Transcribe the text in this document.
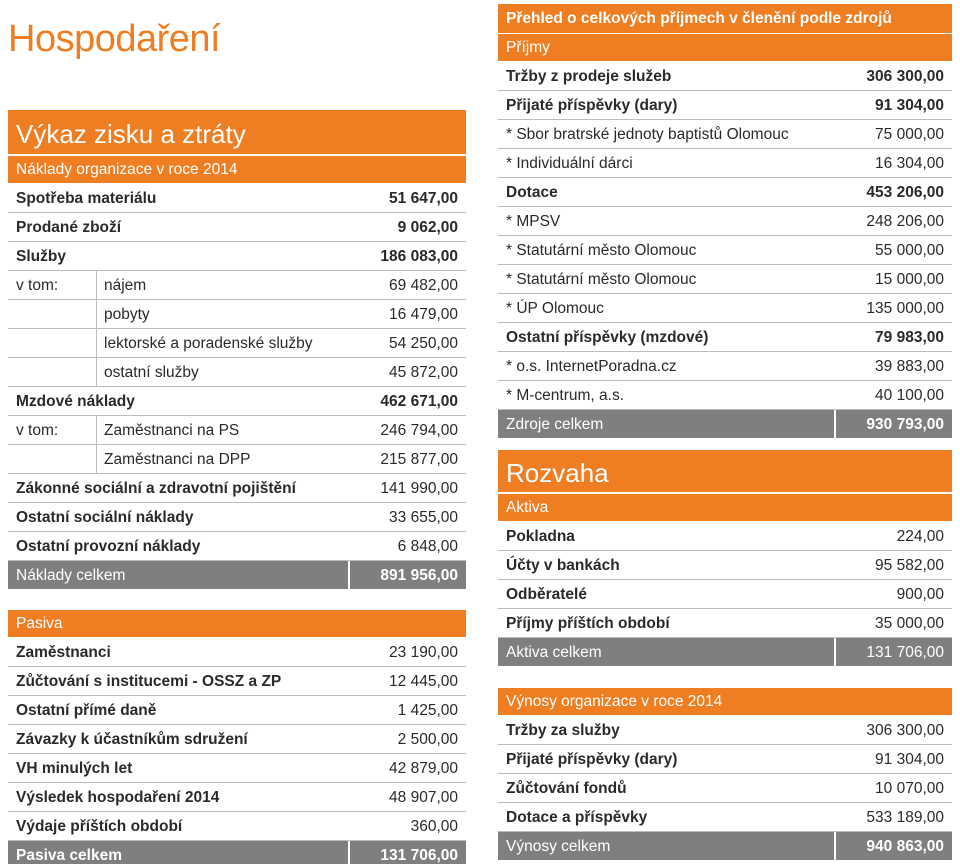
Hospodaření
Výkaz zisku a ztráty
Náklady organizace v roce 2014
Spotřeba materiálu	51 647,00
Prodané zboží	9 062,00
Služby	186 083,00
v tom:	nájem	69 482,00
pobyty	16 479,00
lektorské a poradenské služby	54 250,00
ostatní služby	45 872,00
Mzdové náklady	462 671,00
v tom:	Zaměstnanci na PS	246 794,00
Zaměstnanci na DPP	215 877,00
Zákonné sociální a zdravotní pojištění	141 990,00
Ostatní sociální náklady	33 655,00
Ostatní provozní náklady	6 848,00
Náklady celkem	891 956,00
Pasiva
Zaměstnanci	23 190,00
Zůčtování s institucemi - OSSZ a ZP	12 445,00
Ostatní přímé daně	1 425,00
Závazky k účastníkům sdružení	2 500,00
VH minulých let	42 879,00
Výsledek hospodaření 2014	48 907,00
Výdaje příštích období	360,00
Pasiva celkem	131 706,00
Přehled o celkových příjmech v členění podle zdrojů
Příjmy
Tržby z prodeje služeb	306 300,00
Přijaté příspěvky (dary)	91 304,00
* Sbor bratrské jednoty baptistů Olomouc	75 000,00
* Individuální dárci	16 304,00
Dotace	453 206,00
* MPSV	248 206,00
* Statutární město Olomouc	55 000,00
* Statutární město Olomouc	15 000,00
* ÚP Olomouc	135 000,00
Ostatní příspěvky (mzdové)	79 983,00
* o.s. InternetPoradna.cz	39 883,00
* M-centrum, a.s.	40 100,00
Zdroje celkem	930 793,00
Rozvaha
Aktiva
Pokladna	224,00
Účty v bankách	95 582,00
Odběratelé	900,00
Příjmy příštích období	35 000,00
Aktiva celkem	131 706,00
Výnosy organizace v roce 2014
Tržby za služby	306 300,00
Přijaté příspěvky (dary)	91 304,00
Zůčtování fondů	10 070,00
Dotace a příspěvky	533 189,00
Výnosy celkem	940 863,00
